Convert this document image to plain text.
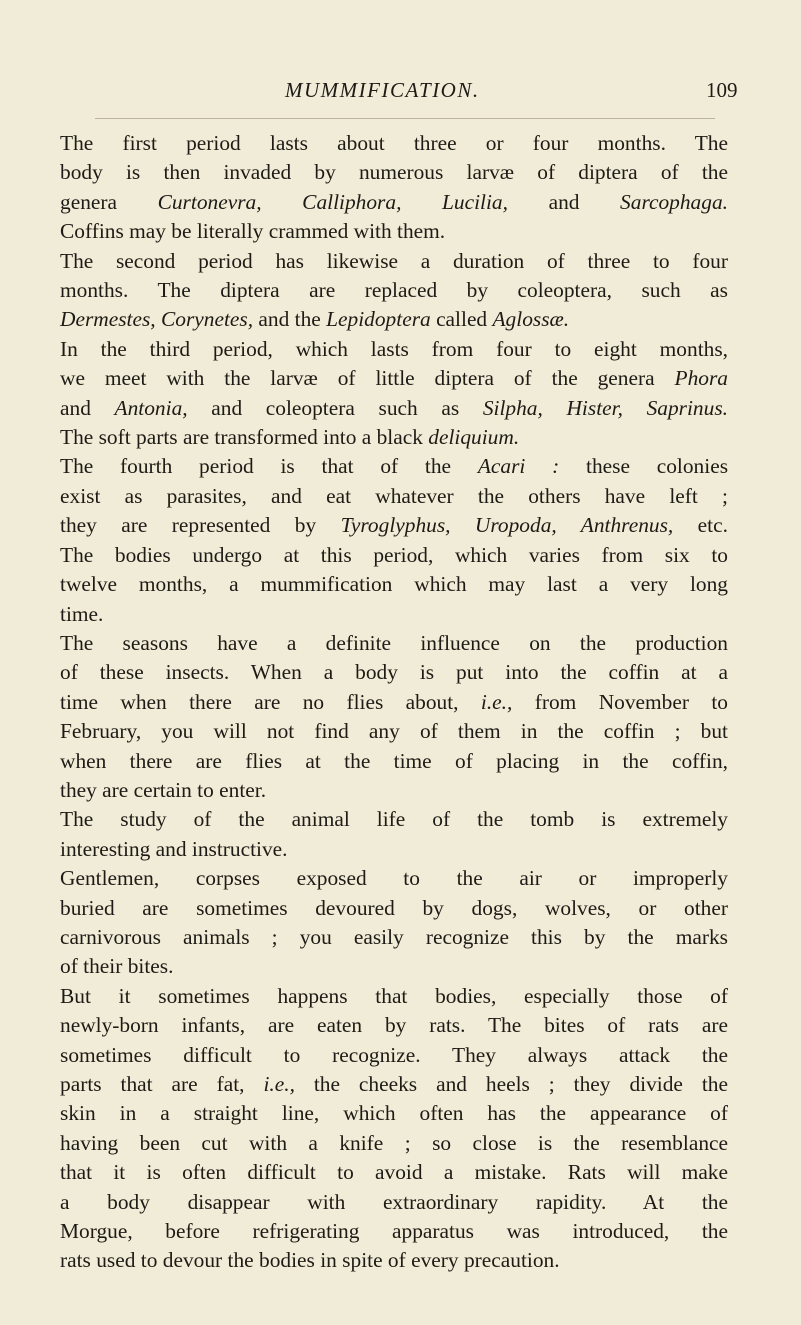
MUMMIFICATION.	109
The first period lasts about three or four months. The
body is then invaded by numerous larvæ of diptera of the
genera Curtonevra, Calliphora, Lucilia, and Sarcophaga.
Coffins may be literally crammed with them.
The second period has likewise a duration of three to four
months. The diptera are replaced by coleoptera, such as
Dermestes, Corynetes, and the Lepidoptera called Aglossæ.
In the third period, which lasts from four to eight months,
we meet with the larvæ of little diptera of the genera Phora
and Antonia, and coleoptera such as Silpha, Hister, Saprinus.
The soft parts are transformed into a black deliquium.
The fourth period is that of the Acari : these colonies
exist as parasites, and eat whatever the others have left ;
they are represented by Tyroglyphus, Uropoda, Anthrenus, etc.
The bodies undergo at this period, which varies from six to
twelve months, a mummification which may last a very long
time.
The seasons have a definite influence on the production
of these insects. When a body is put into the coffin at a
time when there are no flies about, i.e., from November to
February, you will not find any of them in the coffin ; but
when there are flies at the time of placing in the coffin,
they are certain to enter.
The study of the animal life of the tomb is extremely
interesting and instructive.
Gentlemen, corpses exposed to the air or improperly
buried are sometimes devoured by dogs, wolves, or other
carnivorous animals ; you easily recognize this by the marks
of their bites.
But it sometimes happens that bodies, especially those of
newly-born infants, are eaten by rats. The bites of rats are
sometimes difficult to recognize. They always attack the
parts that are fat, i.e., the cheeks and heels ; they divide the
skin in a straight line, which often has the appearance of
having been cut with a knife ; so close is the resemblance
that it is often difficult to avoid a mistake. Rats will make
a body disappear with extraordinary rapidity. At the
Morgue, before refrigerating apparatus was introduced, the
rats used to devour the bodies in spite of every precaution.
